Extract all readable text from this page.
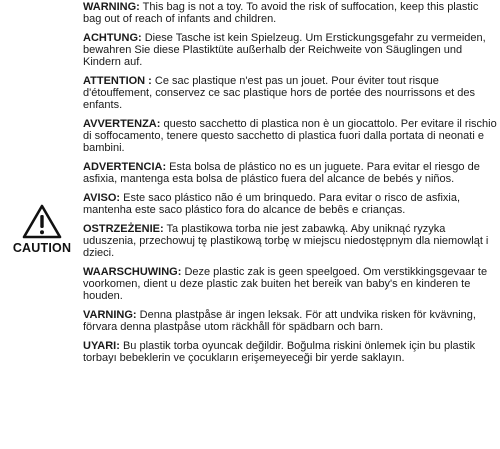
CAUTION

WARNING: This bag is not a toy. To avoid the risk of suffocation, keep this plastic bag out of reach of infants and children.

ACHTUNG: Diese Tasche ist kein Spielzeug. Um Erstickungsgefahr zu vermeiden, bewahren Sie diese Plastiktüte außerhalb der Reichweite von Säuglingen und Kindern auf.

ATTENTION : Ce sac plastique n'est pas un jouet. Pour éviter tout risque d'étouffement, conservez ce sac plastique hors de portée des nourrissons et des enfants.

AVVERTENZA: questo sacchetto di plastica non è un giocattolo. Per evitare il rischio di soffocamento, tenere questo sacchetto di plastica fuori dalla portata di neonati e bambini.

ADVERTENCIA: Esta bolsa de plástico no es un juguete. Para evitar el riesgo de asfixia, mantenga esta bolsa de plástico fuera del alcance de bebés y niños.

AVISO: Este saco plástico não é um brinquedo. Para evitar o risco de asfixia, mantenha este saco plástico fora do alcance de bebês e crianças.

OSTRZEŻENIE: Ta plastikowa torba nie jest zabawką. Aby uniknąć ryzyka uduszenia, przechowuj tę plastikową torbę w miejscu niedostępnym dla niemowląt i dzieci.

WAARSCHUWING: Deze plastic zak is geen speelgoed. Om verstikkingsgevaar te voorkomen, dient u deze plastic zak buiten het bereik van baby's en kinderen te houden.

VARNING: Denna plastpåse är ingen leksak. För att undvika risken för kvävning, förvara denna plastpåse utom räckhåll för spädbarn och barn.

UYARI: Bu plastik torba oyuncak değildir. Boğulma riskini önlemek için bu plastik torbayı bebeklerin ve çocukların erişemeyeceği bir yerde saklayın.
